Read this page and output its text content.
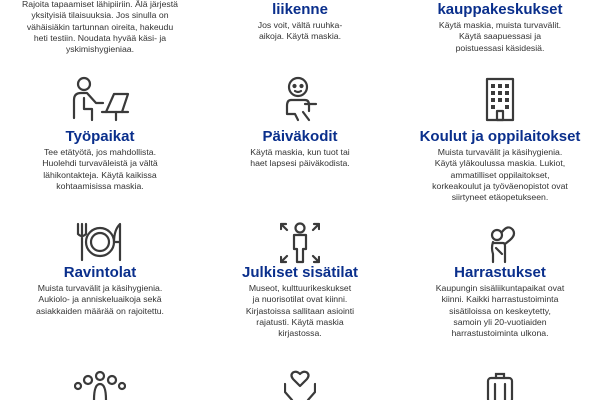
Rajoita tapaamiset lähipiiriin. Älä järjestä
yksityisiä tilaisuuksia. Jos sinulla on
vähäisiäkin tartunnan oireita, hakeudu
heti testiin. Noudata hyvää käsi- ja
yskimishygieniaa.
liikenne
Jos voit, vältä ruuhka-
aikoja. Käytä maskia.
kauppakeskukset
Käytä maskia, muista turvavälit.
Käytä saapuessasi ja
poistuessasi käsidesiä.
Työpaikat
Tee etätyötä, jos mahdollista.
Huolehdi turvaväleistä ja vältä
lähikontakteja. Käytä kaikissa
kohtaamisissa maskia.
Päiväkodit
Käytä maskia, kun tuot tai
haet lapsesi päiväkodista.
Koulut ja oppilaitokset
Muista turvavälit ja käsihygienia.
Käytä yläkoulussa maskia. Lukiot,
ammatilliset oppilaitokset,
korkeakoulut ja työväenopistot ovat
siirtyneet etäopetukseen.
Ravintolat
Muista turvavälit ja käsihygienia.
Aukiolo- ja anniskeluaikoja sekä
asiakkaiden määrää on rajoitettu.
Julkiset sisätilat
Museot, kulttuurikeskukset
ja nuorisotilat ovat kiinni.
Kirjastoissa sallitaan asiointi
rajatusti. Käytä maskia
kirjastossa.
Harrastukset
Kaupungin sisäliikuntapaikat ovat
kiinni. Kaikki harrastustoiminta
sisätiloissa on keskeytetty,
samoin yli 20-vuotiaiden
harrastustoiminta ulkona.
